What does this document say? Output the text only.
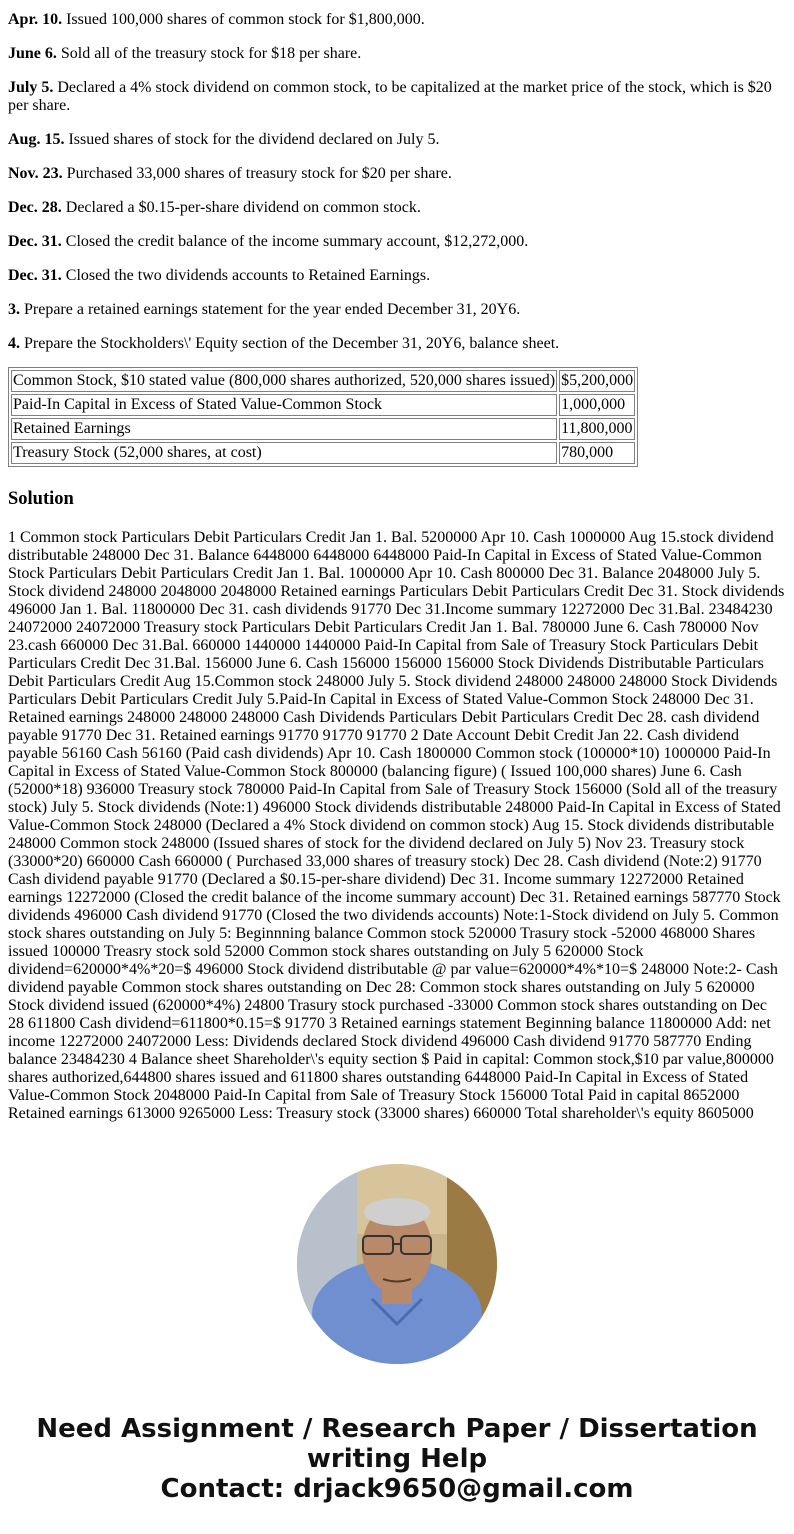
Apr. 10. Issued 100,000 shares of common stock for $1,800,000.

June 6. Sold all of the treasury stock for $18 per share.

July 5. Declared a 4% stock dividend on common stock, to be capitalized at the market price of the stock, which is $20 per share.

Aug. 15. Issued shares of stock for the dividend declared on July 5.

Nov. 23. Purchased 33,000 shares of treasury stock for $20 per share.

Dec. 28. Declared a $0.15-per-share dividend on common stock.

Dec. 31. Closed the credit balance of the income summary account, $12,272,000.

Dec. 31. Closed the two dividends accounts to Retained Earnings.

3. Prepare a retained earnings statement for the year ended December 31, 20Y6.

4. Prepare the Stockholders\' Equity section of the December 31, 20Y6, balance sheet.

Common Stock, $10 stated value (800,000 shares authorized, 520,000 shares issued)	$5,200,000
Paid-In Capital in Excess of Stated Value-Common Stock	1,000,000
Retained Earnings	11,800,000
Treasury Stock (52,000 shares, at cost)	780,000
Solution
1 Common stock Particulars Debit Particulars Credit Jan 1. Bal. 5200000 Apr 10. Cash 1000000 Aug 15.stock dividend distributable 248000 Dec 31. Balance 6448000 6448000 6448000 Paid-In Capital in Excess of Stated Value-Common Stock Particulars Debit Particulars Credit Jan 1. Bal. 1000000 Apr 10. Cash 800000 Dec 31. Balance 2048000 July 5. Stock dividend 248000 2048000 2048000 Retained earnings Particulars Debit Particulars Credit Dec 31. Stock dividends 496000 Jan 1. Bal. 11800000 Dec 31. cash dividends 91770 Dec 31.Income summary 12272000 Dec 31.Bal. 23484230 24072000 24072000 Treasury stock Particulars Debit Particulars Credit Jan 1. Bal. 780000 June 6. Cash 780000 Nov 23.cash 660000 Dec 31.Bal. 660000 1440000 1440000 Paid-In Capital from Sale of Treasury Stock Particulars Debit Particulars Credit Dec 31.Bal. 156000 June 6. Cash 156000 156000 156000 Stock Dividends Distributable Particulars Debit Particulars Credit Aug 15.Common stock 248000 July 5. Stock dividend 248000 248000 248000 Stock Dividends Particulars Debit Particulars Credit July 5.Paid-In Capital in Excess of Stated Value-Common Stock 248000 Dec 31. Retained earnings 248000 248000 248000 Cash Dividends Particulars Debit Particulars Credit Dec 28. cash dividend payable 91770 Dec 31. Retained earnings 91770 91770 91770 2 Date Account Debit Credit Jan 22. Cash dividend payable 56160 Cash 56160 (Paid cash dividends) Apr 10. Cash 1800000 Common stock (100000*10) 1000000 Paid-In Capital in Excess of Stated Value-Common Stock 800000 (balancing figure) ( Issued 100,000 shares) June 6. Cash (52000*18) 936000 Treasury stock 780000 Paid-In Capital from Sale of Treasury Stock 156000 (Sold all of the treasury stock) July 5. Stock dividends (Note:1) 496000 Stock dividends distributable 248000 Paid-In Capital in Excess of Stated Value-Common Stock 248000 (Declared a 4% Stock dividend on common stock) Aug 15. Stock dividends distributable 248000 Common stock 248000 (Issued shares of stock for the dividend declared on July 5) Nov 23. Treasury stock (33000*20) 660000 Cash 660000 ( Purchased 33,000 shares of treasury stock) Dec 28. Cash dividend (Note:2) 91770 Cash dividend payable 91770 (Declared a $0.15-per-share dividend) Dec 31. Income summary 12272000 Retained earnings 12272000 (Closed the credit balance of the income summary account) Dec 31. Retained earnings 587770 Stock dividends 496000 Cash dividend 91770 (Closed the two dividends accounts) Note:1-Stock dividend on July 5. Common stock shares outstanding on July 5: Beginnning balance Common stock 520000 Trasury stock -52000 468000 Shares issued 100000 Treasry stock sold 52000 Common stock shares outstanding on July 5 620000 Stock dividend=620000*4%*20=$ 496000 Stock dividend distributable @ par value=620000*4%*10=$ 248000 Note:2- Cash dividend payable Common stock shares outstanding on Dec 28: Common stock shares outstanding on July 5 620000 Stock dividend issued (620000*4%) 24800 Trasury stock purchased -33000 Common stock shares outstanding on Dec 28 611800 Cash dividend=611800*0.15=$ 91770 3 Retained earnings statement Beginning balance 11800000 Add: net income 12272000 24072000 Less: Dividends declared Stock dividend 496000 Cash dividend 91770 587770 Ending balance 23484230 4 Balance sheet Shareholder\'s equity section $ Paid in capital: Common stock,$10 par value,800000 shares authorized,644800 shares issued and 611800 shares outstanding 6448000 Paid-In Capital in Excess of Stated Value-Common Stock 2048000 Paid-In Capital from Sale of Treasury Stock 156000 Total Paid in capital 8652000 Retained earnings 613000 9265000 Less: Treasury stock (33000 shares) 660000 Total shareholder\'s equity 8605000
Need Assignment / Research Paper / Dissertation
writing Help
Contact: drjack9650@gmail.com
